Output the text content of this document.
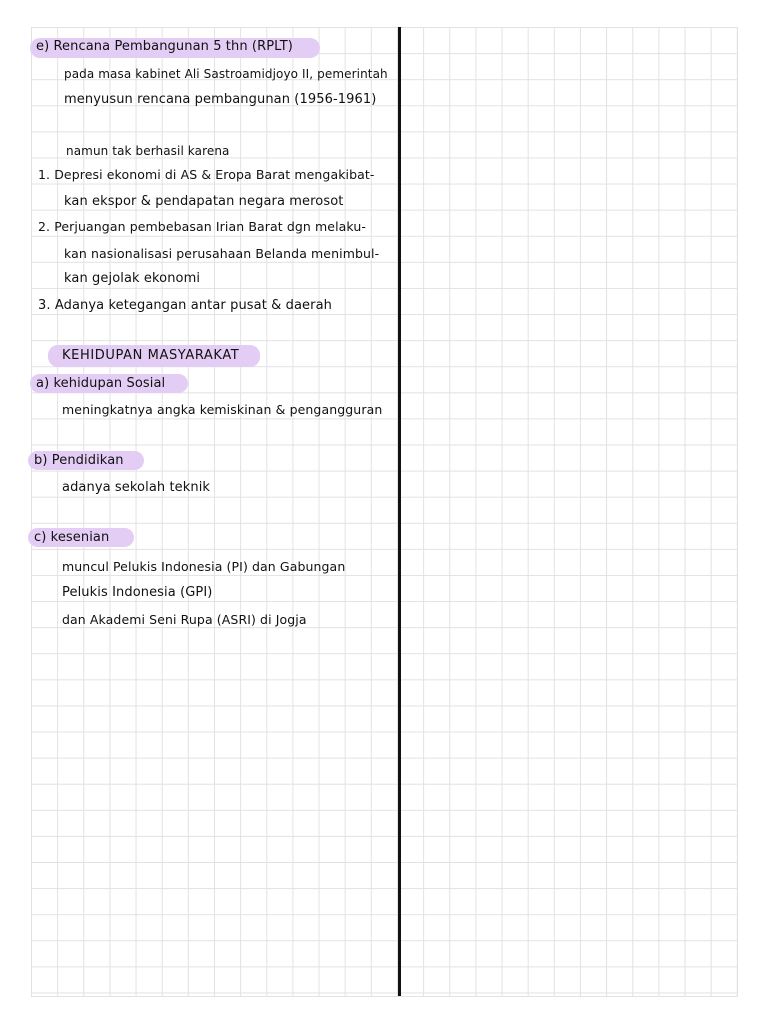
e) Rencana Pembangunan 5 thn (RPLT)
pada masa kabinet Ali Sastroamidjoyo II, pemerintah
menyusun rencana pembangunan (1956-1961)
namun tak berhasil karena
1. Depresi ekonomi di AS & Eropa Barat mengakibat-
kan ekspor & pendapatan negara merosot
2. Perjuangan pembebasan Irian Barat dgn melaku-
kan nasionalisasi perusahaan Belanda menimbul-
kan gejolak ekonomi
3. Adanya ketegangan antar pusat & daerah
KEHIDUPAN MASYARAKAT
a) kehidupan Sosial
meningkatnya angka kemiskinan & pengangguran
b) Pendidikan
adanya sekolah teknik
c) kesenian
muncul Pelukis Indonesia (PI) dan Gabungan
Pelukis Indonesia (GPI)
dan Akademi Seni Rupa (ASRI) di Jogja
